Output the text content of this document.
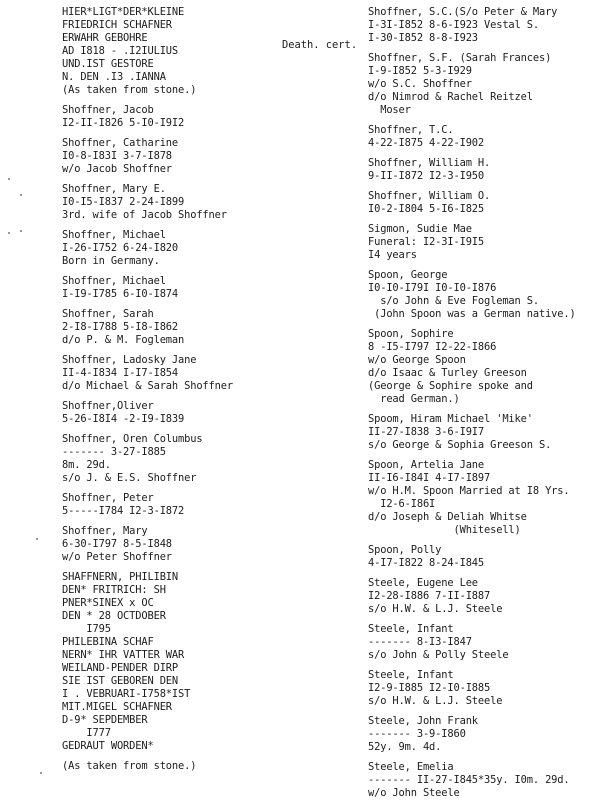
Death. cert.
HIER*LIGT*DER*KLEINE
FRIEDRICH SCHAFNER
ERWAHR GEBOHRE
AD I818 - .I2IULIUS
UND.IST GESTORE
N. DEN .I3 .IANNA
(As taken from stone.)
Shoffner, Jacob
I2-II-I826 5-I0-I9I2
Shoffner, Catharine
I0-8-I83I 3-7-I878
w/o Jacob Shoffner
Shoffner, Mary E.
I0-I5-I837 2-24-I899
3rd. wife of Jacob Shoffner
Shoffner, Michael
I-26-I752 6-24-I820
Born in Germany.
Shoffner, Michael
I-I9-I785 6-I0-I874
Shoffner, Sarah
2-I8-I788 5-I8-I862
d/o P. & M. Fogleman
Shoffner, Ladosky Jane
II-4-I834 I-I7-I854
d/o Michael & Sarah Shoffner
Shoffner,Oliver
5-26-I8I4 -2-I9-I839
Shoffner, Oren Columbus
------- 3-27-I885
8m. 29d.
s/o J. & E.S. Shoffner
Shoffner, Peter
5-----I784 I2-3-I872
Shoffner, Mary
6-30-I797 8-5-I848
w/o Peter Shoffner
SHAFFNERN, PHILIBIN
DEN* FRITRICH: SH
PNER*SINEX x OC
DEN * 28 OCTDOBER
I795
PHILEBINA SCHAF
NERN* IHR VATTER WAR
WEILAND-PENDER DIRP
SIE IST GEBOREN DEN
I . VEBRUARI-I758*IST
MIT.MIGEL SCHAFNER
D-9* SEPDEMBER
I777
GEDRAUT WORDEN*
(As taken from stone.)
Shoffner, S.C.(S/o Peter & Mary
I-3I-I852 8-6-I923 Vestal S.
I-30-I852 8-8-I923
Shoffner, S.F. (Sarah Frances)
I-9-I852 5-3-I929
w/o S.C. Shoffner
d/o Nimrod & Rachel Reitzel
Moser
Shoffner, T.C.
4-22-I875 4-22-I902
Shoffner, William H.
9-II-I872 I2-3-I950
Shoffner, William O.
I0-2-I804 5-I6-I825
Sigmon, Sudie Mae
Funeral: I2-3I-I9I5
I4 years
Spoon, George
I0-I0-I79I I0-I0-I876
s/o John & Eve Fogleman S.
(John Spoon was a German native.)
Spoon, Sophire
8 -I5-I797 I2-22-I866
w/o George Spoon
d/o Isaac & Turley Greeson
(George & Sophire spoke and
read German.)
Spoom, Hiram Michael 'Mike'
II-27-I838 3-6-I9I7
s/o George & Sophia Greeson S.
Spoon, Artelia Jane
II-I6-I84I 4-I7-I897
w/o H.M. Spoon Married at I8 Yrs.
I2-6-I86I
d/o Joseph & Deliah Whitse
(Whitesell)
Spoon, Polly
4-I7-I822 8-24-I845
Steele, Eugene Lee
I2-28-I886 7-II-I887
s/o H.W. & L.J. Steele
Steele, Infant
------- 8-I3-I847
s/o John & Polly Steele
Steele, Infant
I2-9-I885 I2-I0-I885
s/o H.W. & L.J. Steele
Steele, John Frank
------- 3-9-I860
52y. 9m. 4d.
Steele, Emelia
------- II-27-I845*35y. I0m. 29d.
w/o John Steele
